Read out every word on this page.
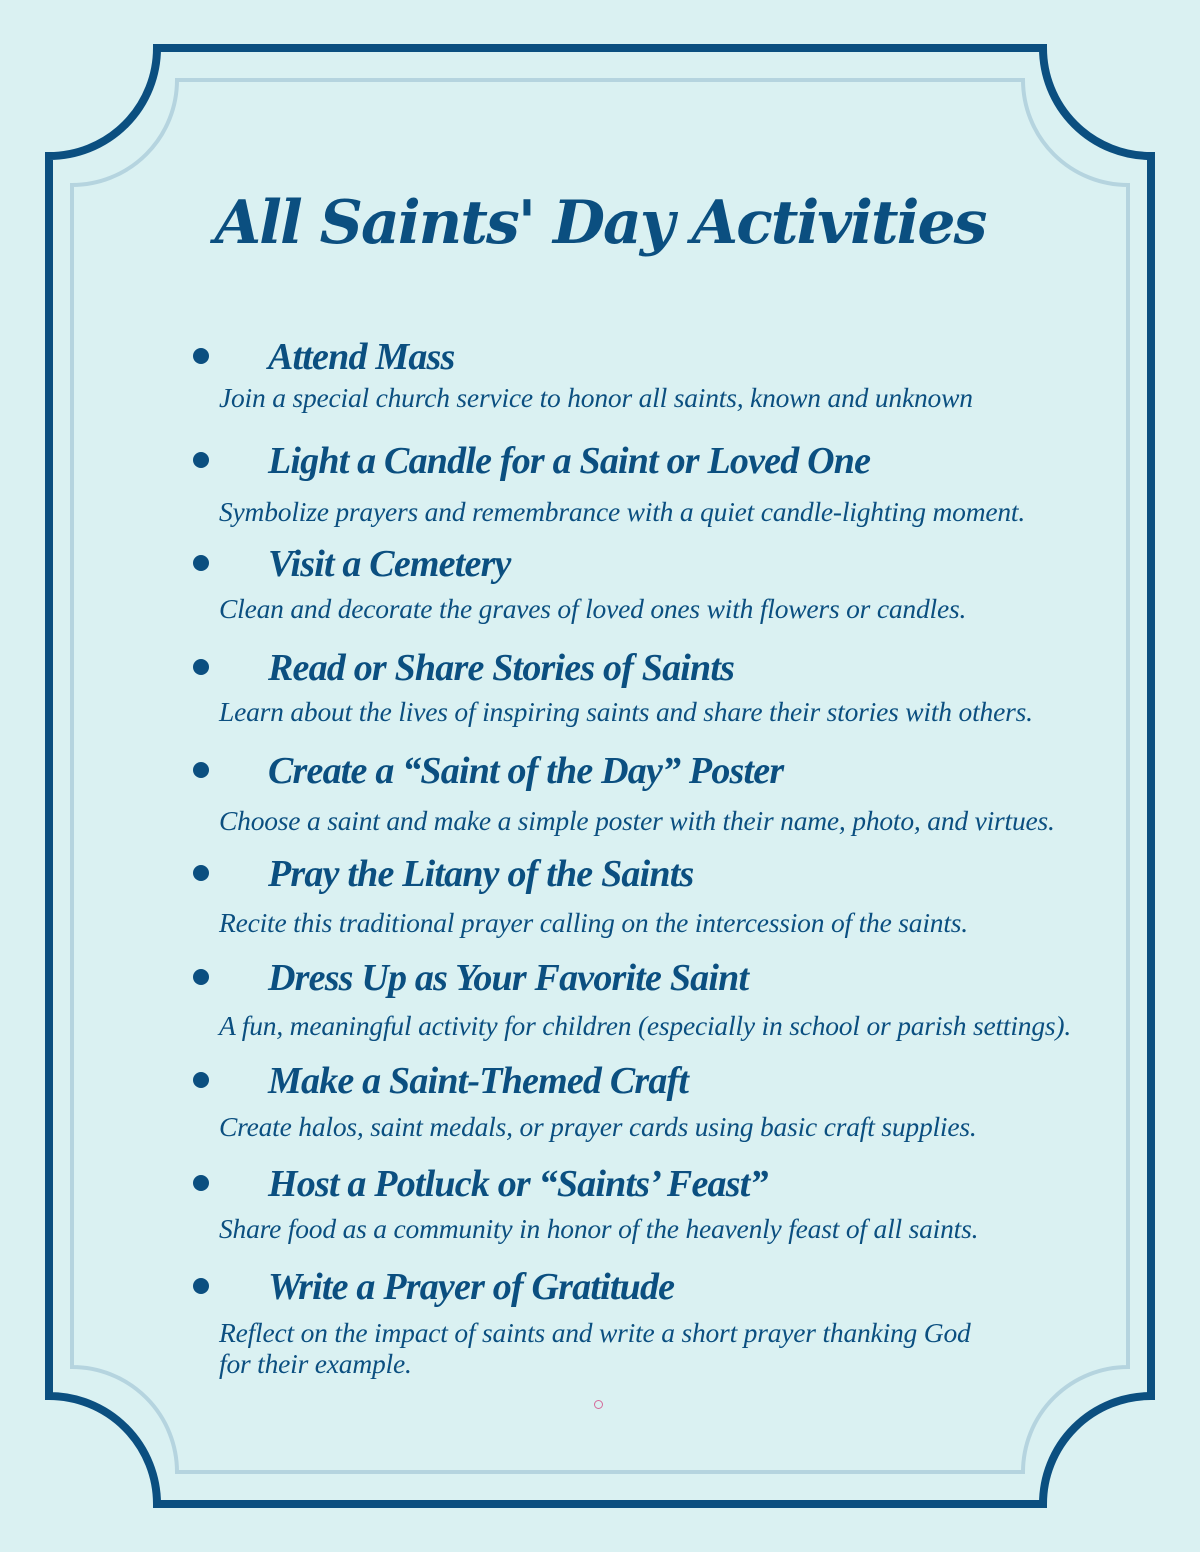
All Saints' Day Activities
Attend Mass

Join a special church service to honor all saints, known and unknown

Light a Candle for a Saint or Loved One

Symbolize prayers and remembrance with a quiet candle-lighting moment.

Visit a Cemetery

Clean and decorate the graves of loved ones with flowers or candles.

Read or Share Stories of Saints

Learn about the lives of inspiring saints and share their stories with others.

Create a “Saint of the Day” Poster

Choose a saint and make a simple poster with their name, photo, and virtues.

Pray the Litany of the Saints

Recite this traditional prayer calling on the intercession of the saints.

Dress Up as Your Favorite Saint

A fun, meaningful activity for children (especially in school or parish settings).

Make a Saint-Themed Craft

Create halos, saint medals, or prayer cards using basic craft supplies.

Host a Potluck or “Saints’ Feast”

Share food as a community in honor of the heavenly feast of all saints.

Write a Prayer of Gratitude

Reflect on the impact of saints and write a short prayer thanking God for their example.
